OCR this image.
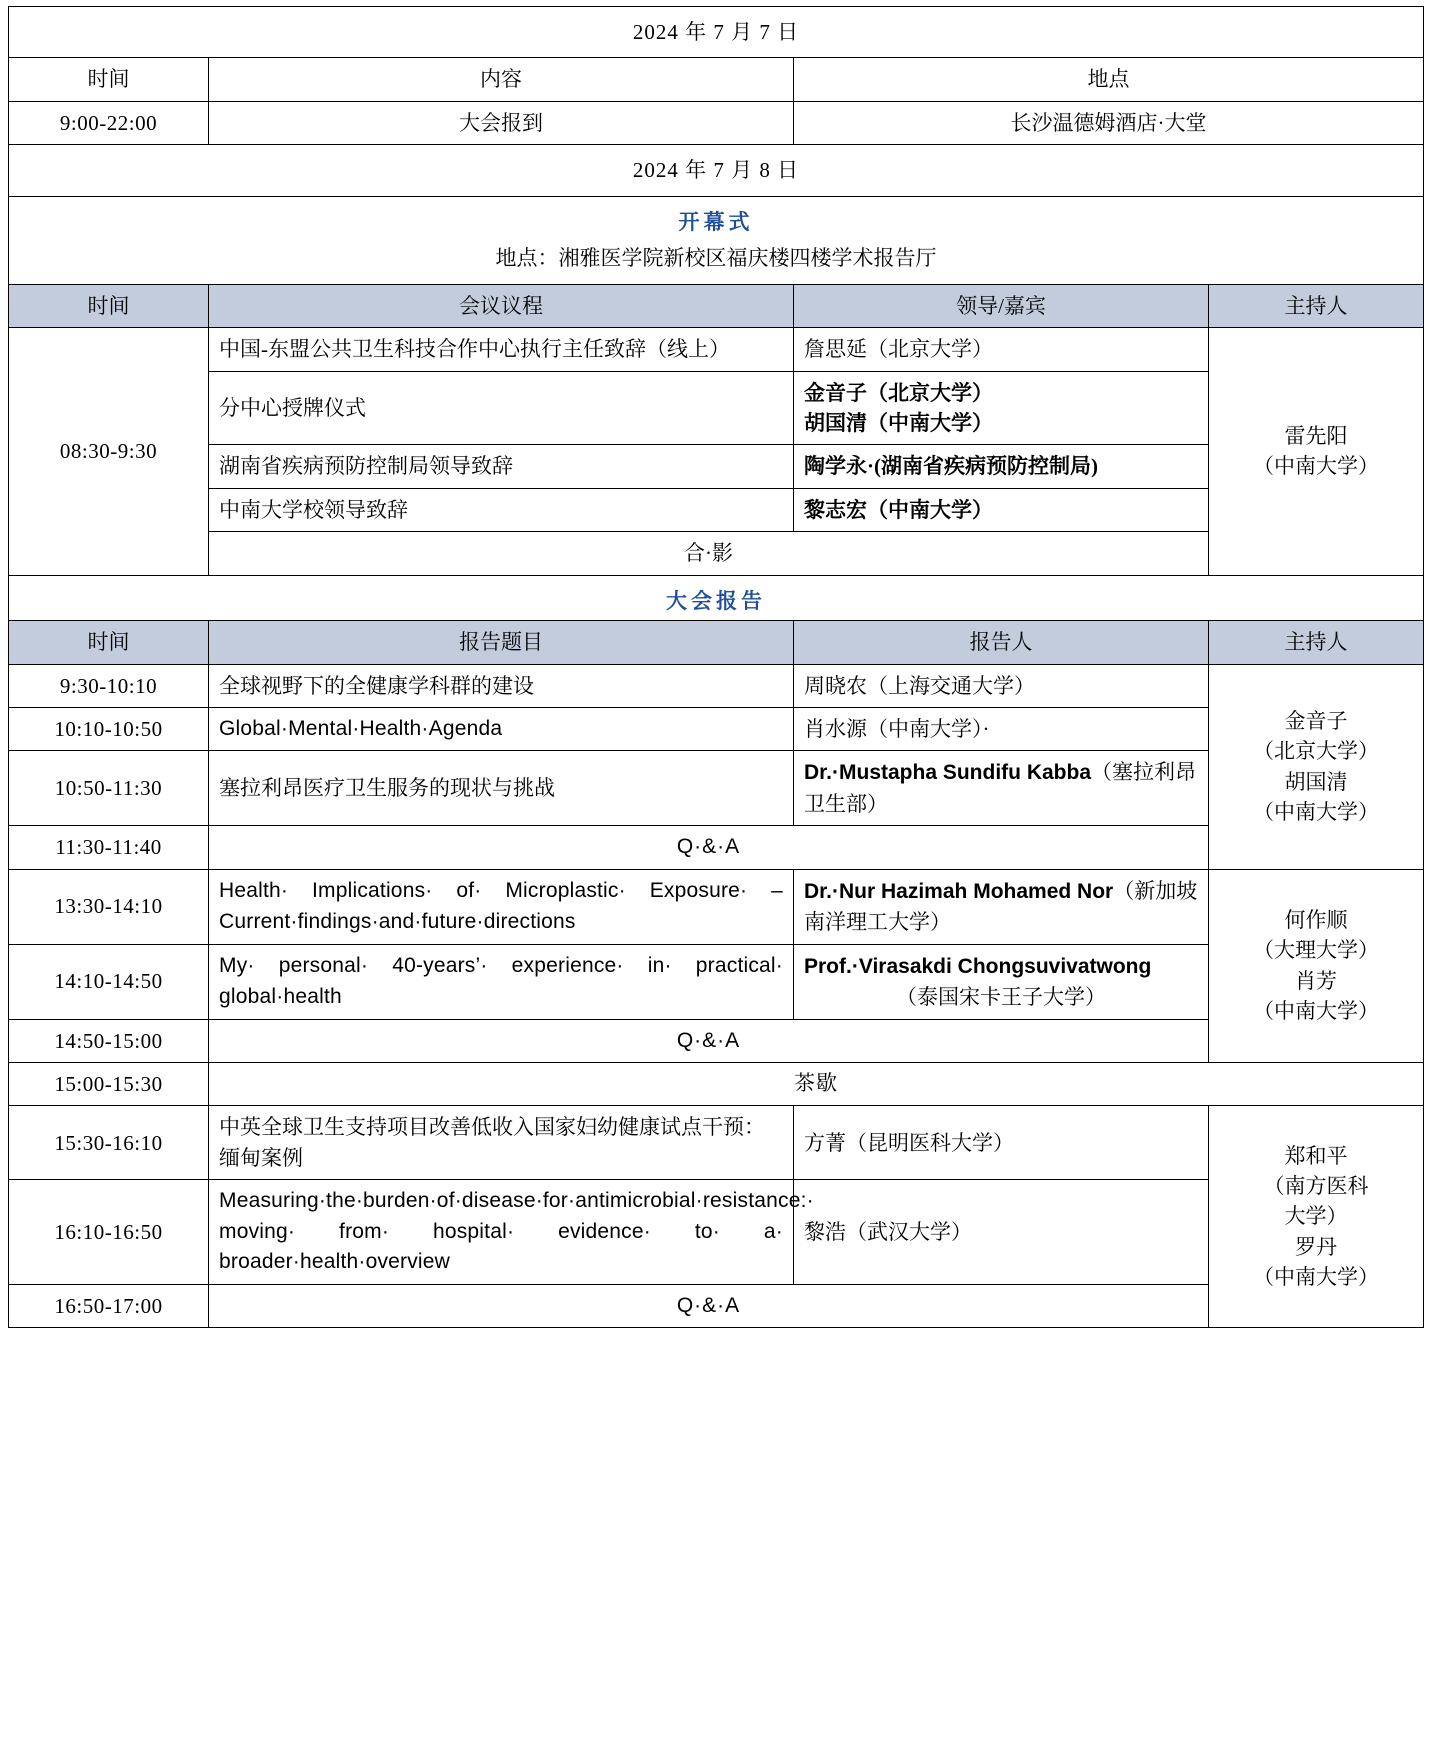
2024 年 7 月 7 日			
时间	内容	地点	
9:00-22:00	大会报到	长沙温德姆酒店·大堂	
2024 年 7 月 8 日			
开幕式			
地点：湘雅医学院新校区福庆楼四楼学术报告厅			
时间	会议议程	领导/嘉宾	主持人
08:30-9:30	中国-东盟公共卫生科技合作中心执行主任致辞（线上）	詹思延（北京大学）	雷先阳
（中南大学）

	分中心授牌仪式	金音子（北京大学）
胡国清（中南大学）	

	湖南省疾病预防控制局领导致辞	陶学永·(湖南省疾病预防控制局)	
	中南大学校领导致辞	黎志宏（中南大学）	
	合·影		
大会报告			
时间	报告题目	报告人	主持人
9:30-10:10	全球视野下的全健康学科群的建设	周晓农（上海交通大学）	金音子
（北京大学）
胡国清
（中南大学）

10:10-10:50	Global·Mental·Health·Agenda	肖水源（中南大学）·	
10:50-11:30	塞拉利昂医疗卫生服务的现状与挑战	Dr.·Mustapha Sundifu Kabba（塞拉利昂卫生部）	
11:30-11:40	Q·&·A		
13:30-14:10	Health· Implications· of· Microplastic· Exposure· – Current·findings·and·future·directions	Dr.·Nur Hazimah Mohamed Nor（新加坡南洋理工大学）	何作顺
（大理大学）
肖芳
（中南大学）

14:10-14:50	My· personal· 40-years’· experience· in· practical· global·health	Prof.·Virasakdi Chongsuvivatwong
（泰国宋卡王子大学）	

14:50-15:00	Q·&·A		
15:00-15:30	茶歇		
15:30-16:10	中英全球卫生支持项目改善低收入国家妇幼健康试点干预：缅甸案例	方菁（昆明医科大学）	郑和平
（南方医科
大学）
罗丹
（中南大学）

16:10-16:50	Measuring·the·burden·of·disease·for·antimicrobial·resistance:· moving· from· hospital· evidence· to· a· broader·health·overview	黎浩（武汉大学）	
16:50-17:00	Q·&·A		
